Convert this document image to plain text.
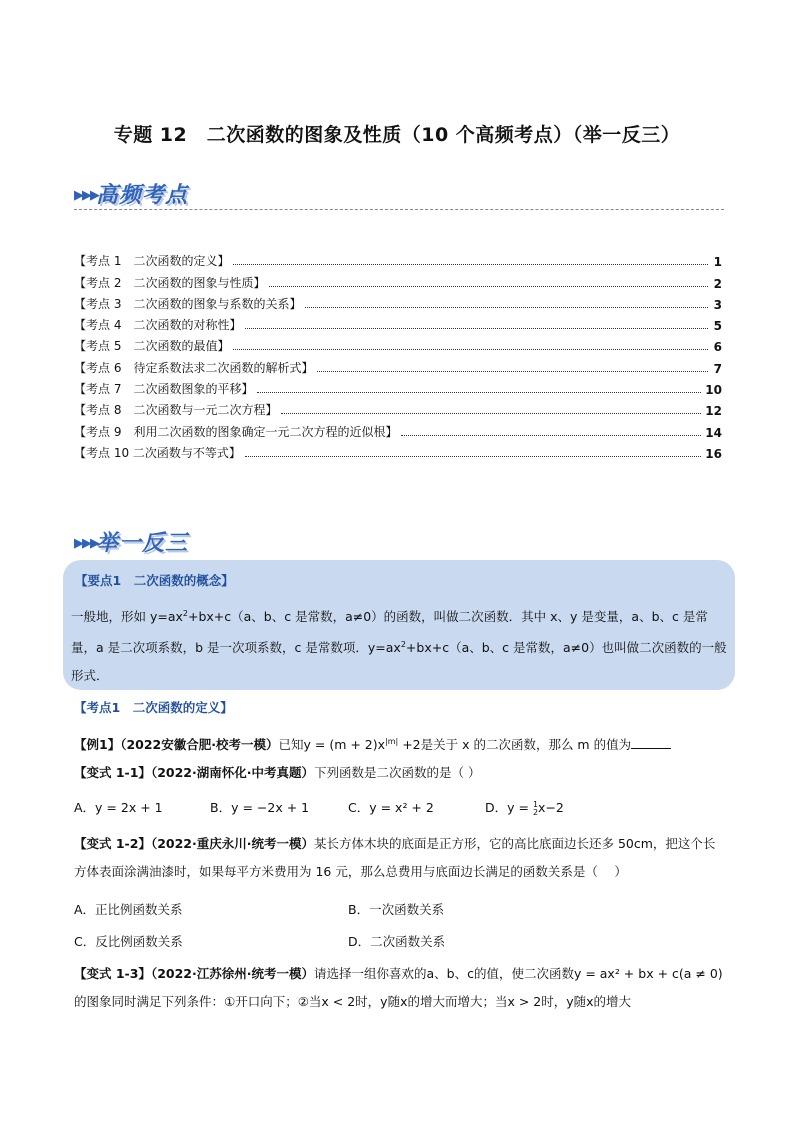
专题 12　二次函数的图象及性质（10 个高频考点）（举一反三）
▶▶▶
高频考点
【考点 1　二次函数的定义】	1
【考点 2　二次函数的图象与性质】	2
【考点 3　二次函数的图象与系数的关系】	3
【考点 4　二次函数的对称性】	5
【考点 5　二次函数的最值】	6
【考点 6　待定系数法求二次函数的解析式】	7
【考点 7　二次函数图象的平移】	10
【考点 8　二次函数与一元二次方程】	12
【考点 9　利用二次函数的图象确定一元二次方程的近似根】	14
【考点 10 二次函数与不等式】	16
▶▶▶
举一反三
【要点1　二次函数的概念】
一般地，形如 $y=ax^2+bx+c(a$、b、c 是常数，a≠0）的函数，叫做二次函数．其中 x、y 是变量，a、b、c 是常量，a 是二次项系数，b 是一次项系数，c 是常数项．$y=ax^2+bx+c(a$、b、c 是常数，a≠0）也叫做二次函数的一般形式．
【考点1　二次函数的定义】
【例1】（2022安徽合肥·校考一模）已知$y = (m + 2)x^{|m|} +2$是关于 x 的二次函数，那么 m 的值为
【变式 1-1】（2022·湖南怀化·中考真题）下列函数是二次函数的是（ ）
A．y = 2x + 1	B．y = −2x + 1	C．y = x² + 2	D．y = 1
2x−2
【变式 1-2】（2022·重庆永川·统考一模）某长方体木块的底面是正方形，它的高比底面边长还多 50cm，把这个长方体表面涂满油漆时，如果每平方米费用为 16 元，那么总费用与底面边长满足的函数关系是（　 ）
A．正比例函数关系	B．一次函数关系
C．反比例函数关系	D．二次函数关系
【变式 1-3】（2022·江苏徐州·统考一模）请选择一组你喜欢的a、b、c的值，使二次函数y = ax² + bx + c(a ≠ 0)的图象同时满足下列条件：①开口向下；②当x < 2时，y随x的增大而增大；当x > 2时，y随x的增大
